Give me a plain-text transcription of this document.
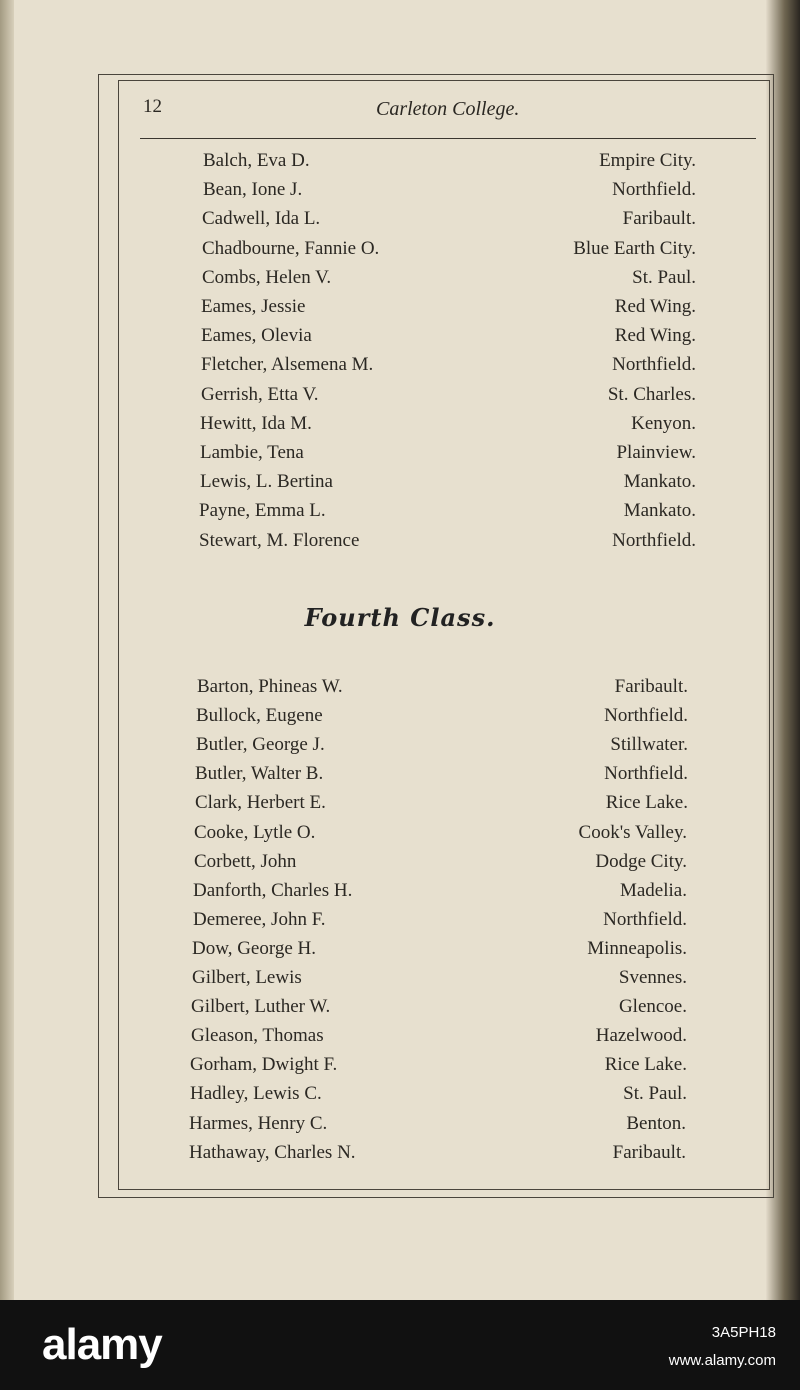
12	Carleton College.
Balch, Eva D.	Empire City.
Bean, Ione J.	Northfield.
Cadwell, Ida L.	Faribault.
Chadbourne, Fannie O.	Blue Earth City.
Combs, Helen V.	St. Paul.
Eames, Jessie	Red Wing.
Eames, Olevia	Red Wing.
Fletcher, Alsemena M.	Northfield.
Gerrish, Etta V.	St. Charles.
Hewitt, Ida M.	Kenyon.
Lambie, Tena	Plainview.
Lewis, L. Bertina	Mankato.
Payne, Emma L.	Mankato.
Stewart, M. Florence	Northfield.
Fourth Class.
Barton, Phineas W.	Faribault.
Bullock, Eugene	Northfield.
Butler, George J.	Stillwater.
Butler, Walter B.	Northfield.
Clark, Herbert E.	Rice Lake.
Cooke, Lytle O.	Cook's Valley.
Corbett, John	Dodge City.
Danforth, Charles H.	Madelia.
Demeree, John F.	Northfield.
Dow, George H.	Minneapolis.
Gilbert, Lewis	Svennes.
Gilbert, Luther W.	Glencoe.
Gleason, Thomas	Hazelwood.
Gorham, Dwight F.	Rice Lake.
Hadley, Lewis C.	St. Paul.
Harmes, Henry C.	Benton.
Hathaway, Charles N.	Faribault.
alamy	3A5PH18
www.alamy.com
